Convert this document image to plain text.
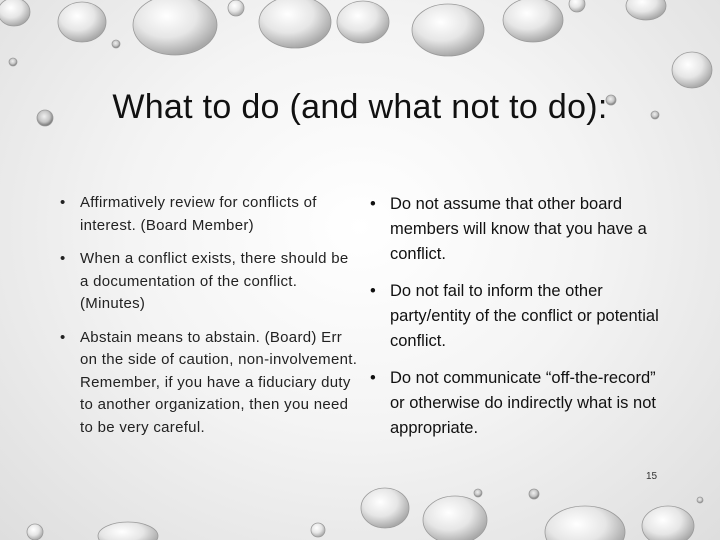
What to do (and what not to do):
• Affirmatively review for conflicts of interest. (Board Member)
• When a conflict exists, there should be a documentation of the conflict. (Minutes)
• Abstain means to abstain. (Board) Err on the side of caution, non-involvement. Remember, if you have a fiduciary duty to another organization, then you need to be very careful.
• Do not assume that other board members will know that you have a conflict.
• Do not fail to inform the other party/entity of the conflict or potential conflict.
• Do not communicate “off-the-record” or otherwise do indirectly what is not appropriate.
15
